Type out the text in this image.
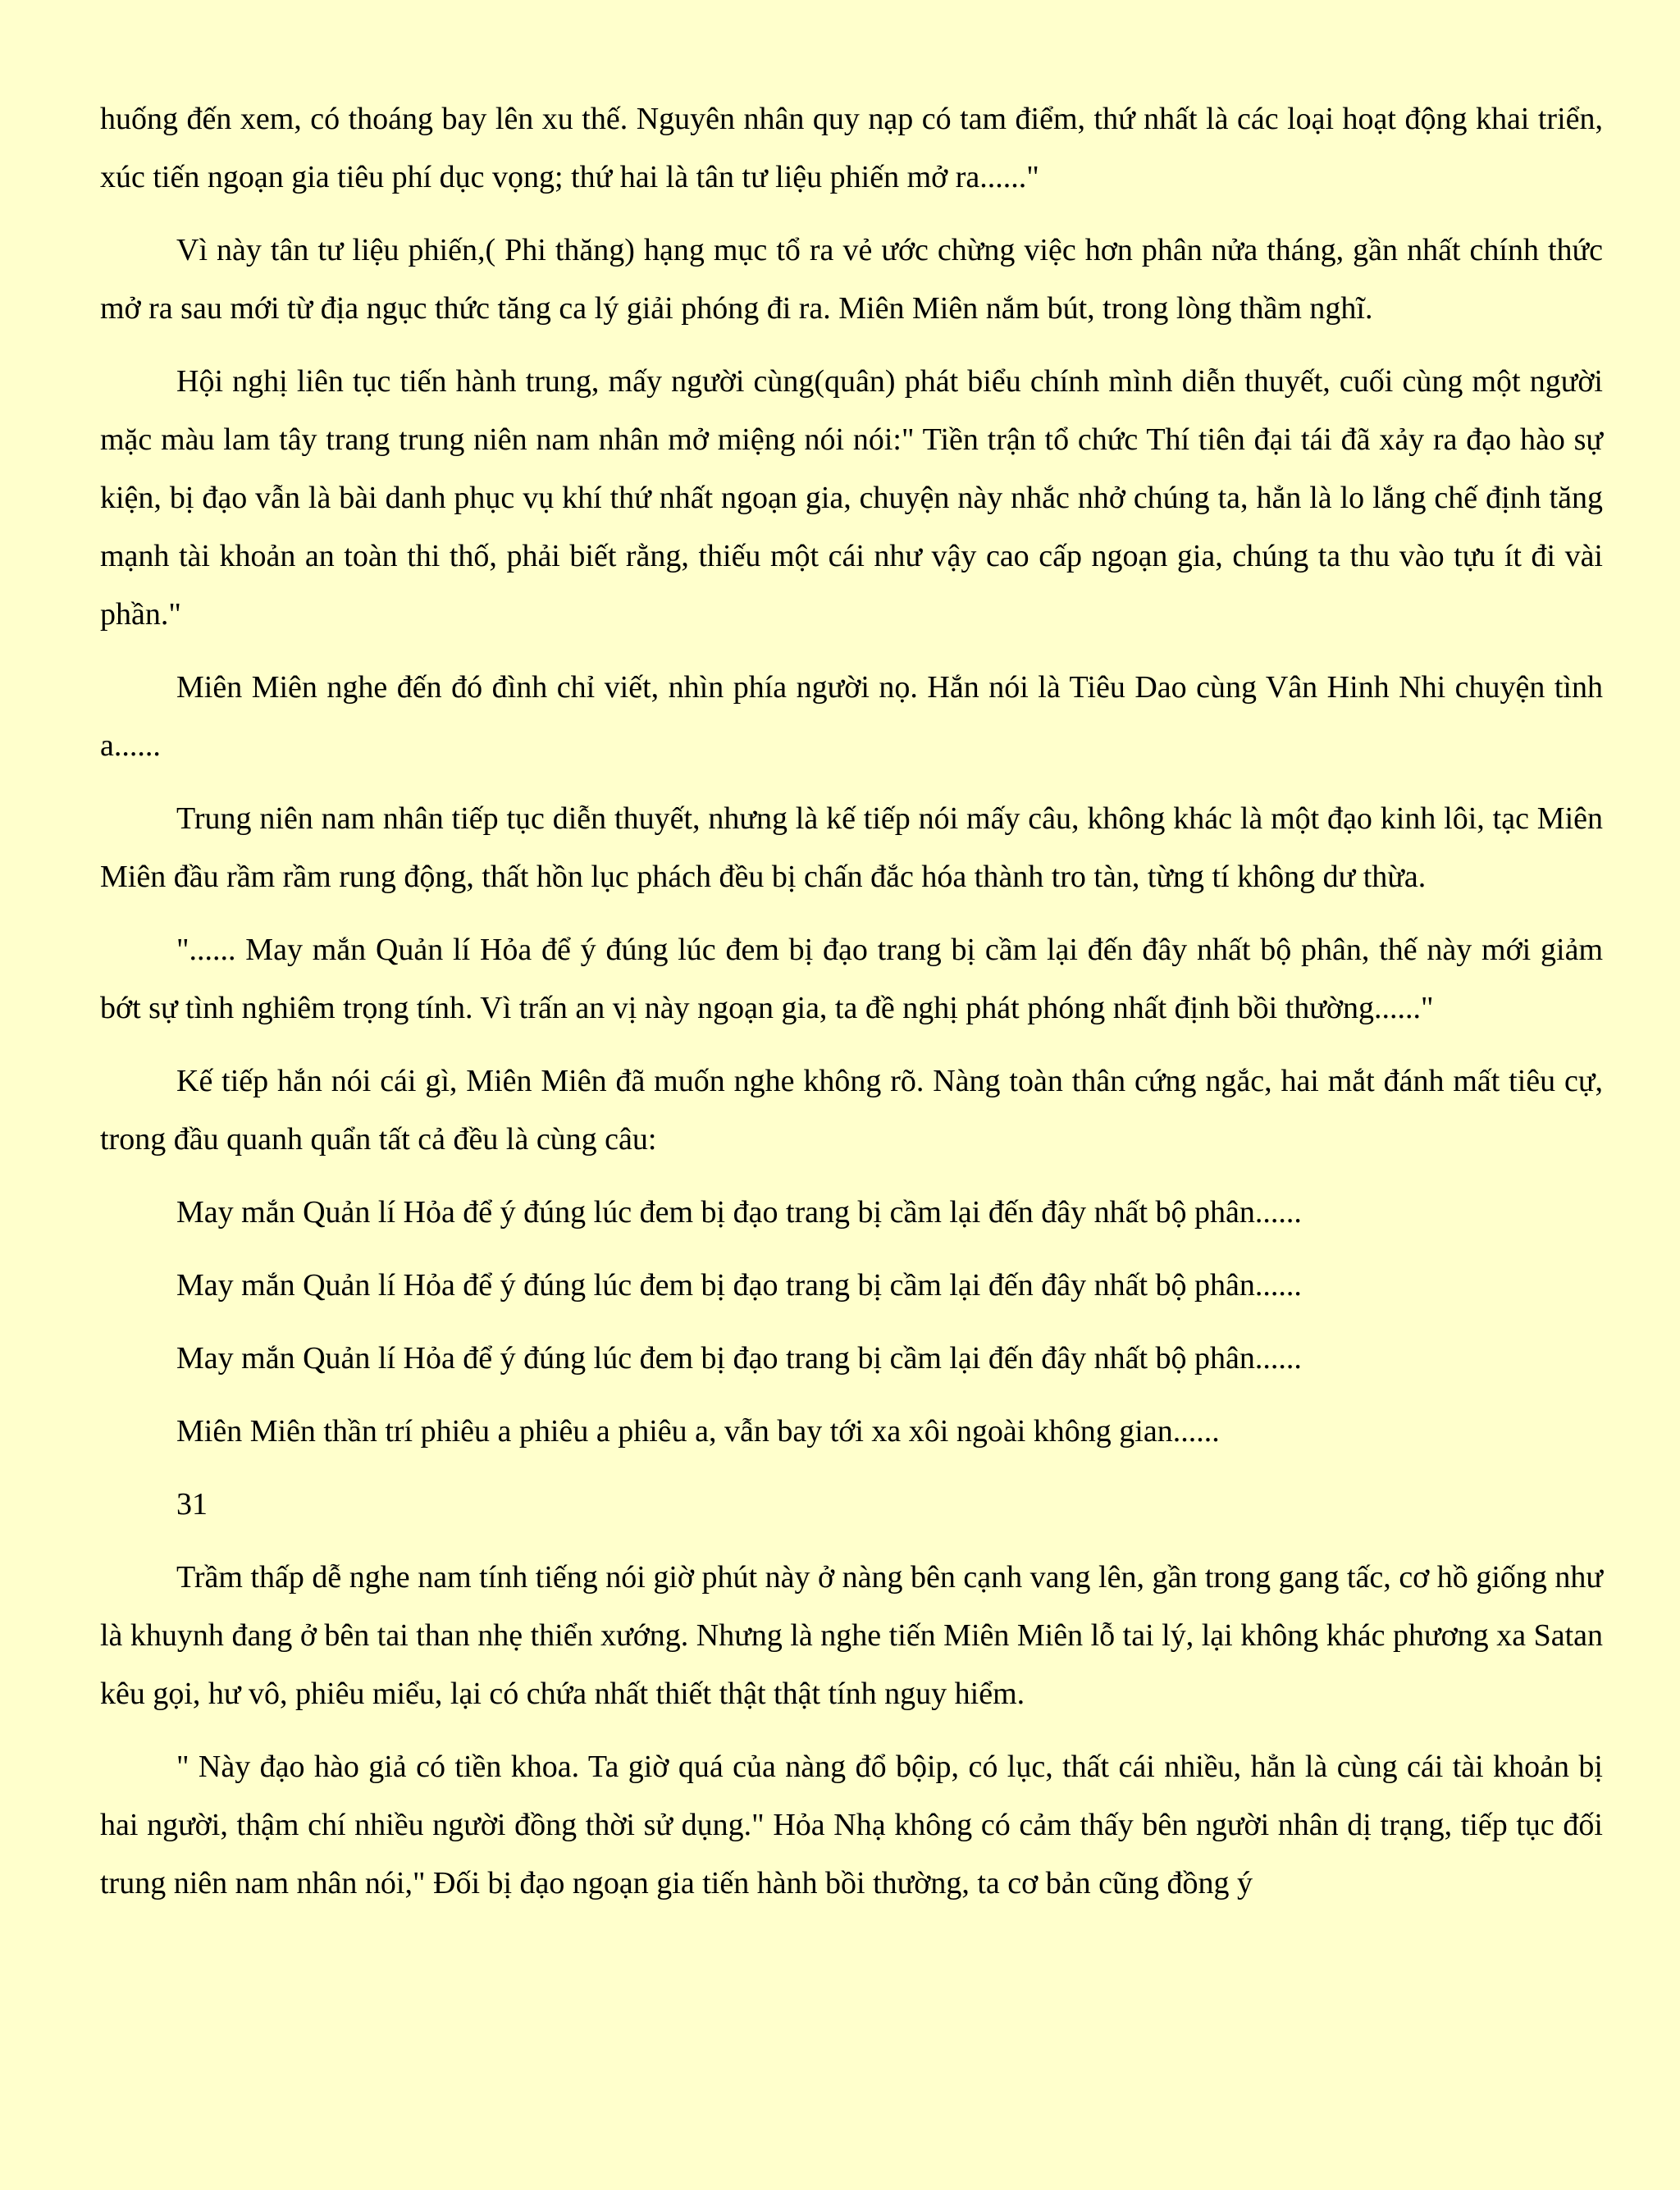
huống đến xem, có thoáng bay lên xu thế. Nguyên nhân quy nạp có tam điểm, thứ nhất là các loại hoạt động khai triển, xúc tiến ngoạn gia tiêu phí dục vọng; thứ hai là tân tư liệu phiến mở ra......"

Vì này tân tư liệu phiến,( Phi thăng) hạng mục tổ ra vẻ ước chừng việc hơn phân nửa tháng, gần nhất chính thức mở ra sau mới từ địa ngục thức tăng ca lý giải phóng đi ra. Miên Miên nắm bút, trong lòng thầm nghĩ.

Hội nghị liên tục tiến hành trung, mấy người cùng(quân) phát biểu chính mình diễn thuyết, cuối cùng một người mặc màu lam tây trang trung niên nam nhân mở miệng nói nói:" Tiền trận tổ chức Thí tiên đại tái đã xảy ra đạo hào sự kiện, bị đạo vẫn là bài danh phục vụ khí thứ nhất ngoạn gia, chuyện này nhắc nhở chúng ta, hẳn là lo lắng chế định tăng mạnh tài khoản an toàn thi thố, phải biết rằng, thiếu một cái như vậy cao cấp ngoạn gia, chúng ta thu vào tựu ít đi vài phần."

Miên Miên nghe đến đó đình chỉ viết, nhìn phía người nọ. Hắn nói là Tiêu Dao cùng Vân Hinh Nhi chuyện tình a......

Trung niên nam nhân tiếp tục diễn thuyết, nhưng là kế tiếp nói mấy câu, không khác là một đạo kinh lôi, tạc Miên Miên đầu rầm rầm rung động, thất hồn lục phách đều bị chấn đắc hóa thành tro tàn, từng tí không dư thừa.

"...... May mắn Quản lí Hỏa để ý đúng lúc đem bị đạo trang bị cầm lại đến đây nhất bộ phân, thế này mới giảm bớt sự tình nghiêm trọng tính. Vì trấn an vị này ngoạn gia, ta đề nghị phát phóng nhất định bồi thường......"

Kế tiếp hắn nói cái gì, Miên Miên đã muốn nghe không rõ. Nàng toàn thân cứng ngắc, hai mắt đánh mất tiêu cự, trong đầu quanh quẩn tất cả đều là cùng câu:

May mắn Quản lí Hỏa để ý đúng lúc đem bị đạo trang bị cầm lại đến đây nhất bộ phân......

May mắn Quản lí Hỏa để ý đúng lúc đem bị đạo trang bị cầm lại đến đây nhất bộ phân......

May mắn Quản lí Hỏa để ý đúng lúc đem bị đạo trang bị cầm lại đến đây nhất bộ phân......

Miên Miên thần trí phiêu a phiêu a phiêu a, vẫn bay tới xa xôi ngoài không gian......

31

Trầm thấp dễ nghe nam tính tiếng nói giờ phút này ở nàng bên cạnh vang lên, gần trong gang tấc, cơ hồ giống như là khuynh đang ở bên tai than nhẹ thiển xướng. Nhưng là nghe tiến Miên Miên lỗ tai lý, lại không khác phương xa Satan kêu gọi, hư vô, phiêu miểu, lại có chứa nhất thiết thật thật tính nguy hiểm.

" Này đạo hào giả có tiền khoa. Ta giờ quá của nàng đổ bộip, có lục, thất cái nhiều, hẳn là cùng cái tài khoản bị hai người, thậm chí nhiều người đồng thời sử dụng." Hỏa Nhạ không có cảm thấy bên người nhân dị trạng, tiếp tục đối trung niên nam nhân nói," Đối bị đạo ngoạn gia tiến hành bồi thường, ta cơ bản cũng đồng ý
